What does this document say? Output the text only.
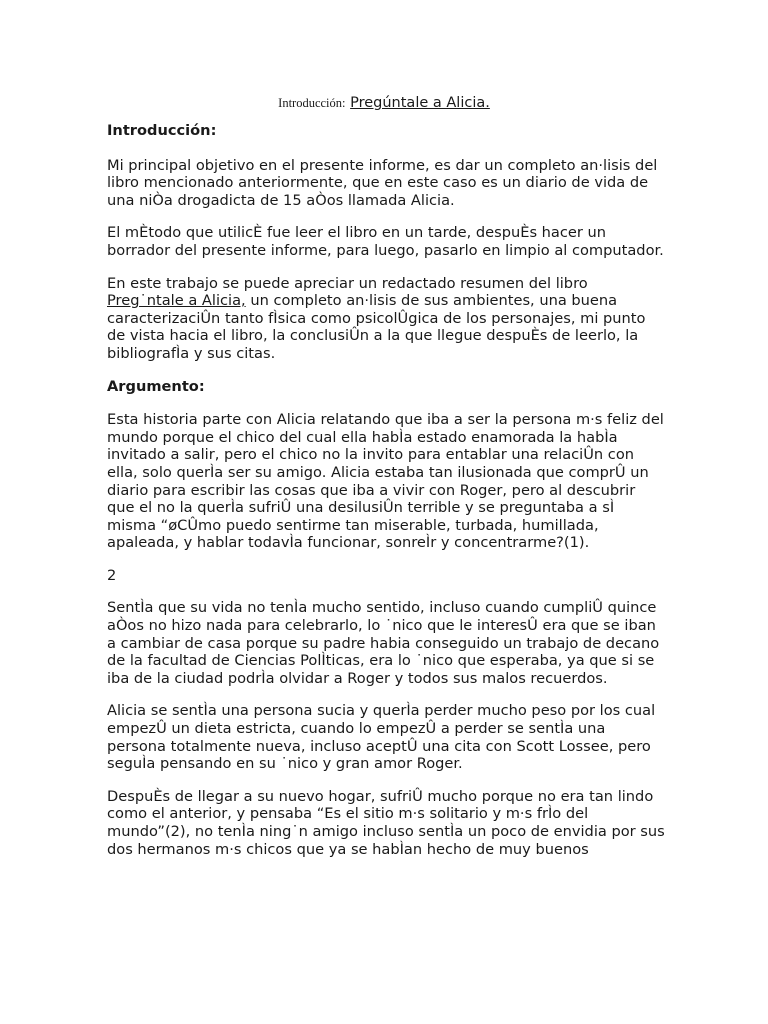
Introducción: Pregúntale a Alicia.
Introducción:

Mi principal objetivo en el presente informe, es dar un completo an·lisis del libro mencionado anteriormente, que en este caso es un diario de vida de una niÒa drogadicta de 15 aÒos llamada Alicia.

El mÈtodo que utilicÈ fue leer el libro en un tarde, despuÈs hacer un borrador del presente informe, para luego, pasarlo en limpio al computador.

En este trabajo se puede apreciar un redactado resumen del libro Preg˙ntale a Alicia, un completo an·lisis de sus ambientes, una buena caracterizaciÛn tanto fÌsica como psicolÛgica de los personajes, mi punto de vista hacia el libro, la conclusiÛn a la que llegue despuÈs de leerlo, la bibliografÌa y sus citas.

Argumento:

Esta historia parte con Alicia relatando que iba a ser la persona m·s feliz del mundo porque el chico del cual ella habÌa estado enamorada la habÌa invitado a salir, pero el chico no la invito para entablar una relaciÛn con ella, solo querÌa ser su amigo. Alicia estaba tan ilusionada que comprÛ un diario para escribir las cosas que iba a vivir con Roger, pero al descubrir que el no la querÌa sufriÛ una desilusiÛn terrible y se preguntaba a sÌ misma “øCÛmo puedo sentirme tan miserable, turbada, humillada, apaleada, y hablar todavÌa funcionar, sonreÌr y concentrarme?(1).

2

SentÌa que su vida no tenÌa mucho sentido, incluso cuando cumpliÛ quince aÒos no hizo nada para celebrarlo, lo ˙nico que le interesÛ era que se iban a cambiar de casa porque su padre habia conseguido un trabajo de decano de la facultad de Ciencias PolÌticas, era lo ˙nico que esperaba, ya que si se iba de la ciudad podrÌa olvidar a Roger y todos sus malos recuerdos.

Alicia se sentÌa una persona sucia y querÌa perder mucho peso por los cual empezÛ un dieta estricta, cuando lo empezÛ a perder se sentÌa una persona totalmente nueva, incluso aceptÛ una cita con Scott Lossee, pero seguÌa pensando en su ˙nico y gran amor Roger.

DespuÈs de llegar a su nuevo hogar, sufriÛ mucho porque no era tan lindo como el anterior, y pensaba “Es el sitio m·s solitario y m·s frÌo del mundo”(2), no tenÌa ning˙n amigo incluso sentÌa un poco de envidia por sus dos hermanos m·s chicos que ya se habÌan hecho de muy buenos
